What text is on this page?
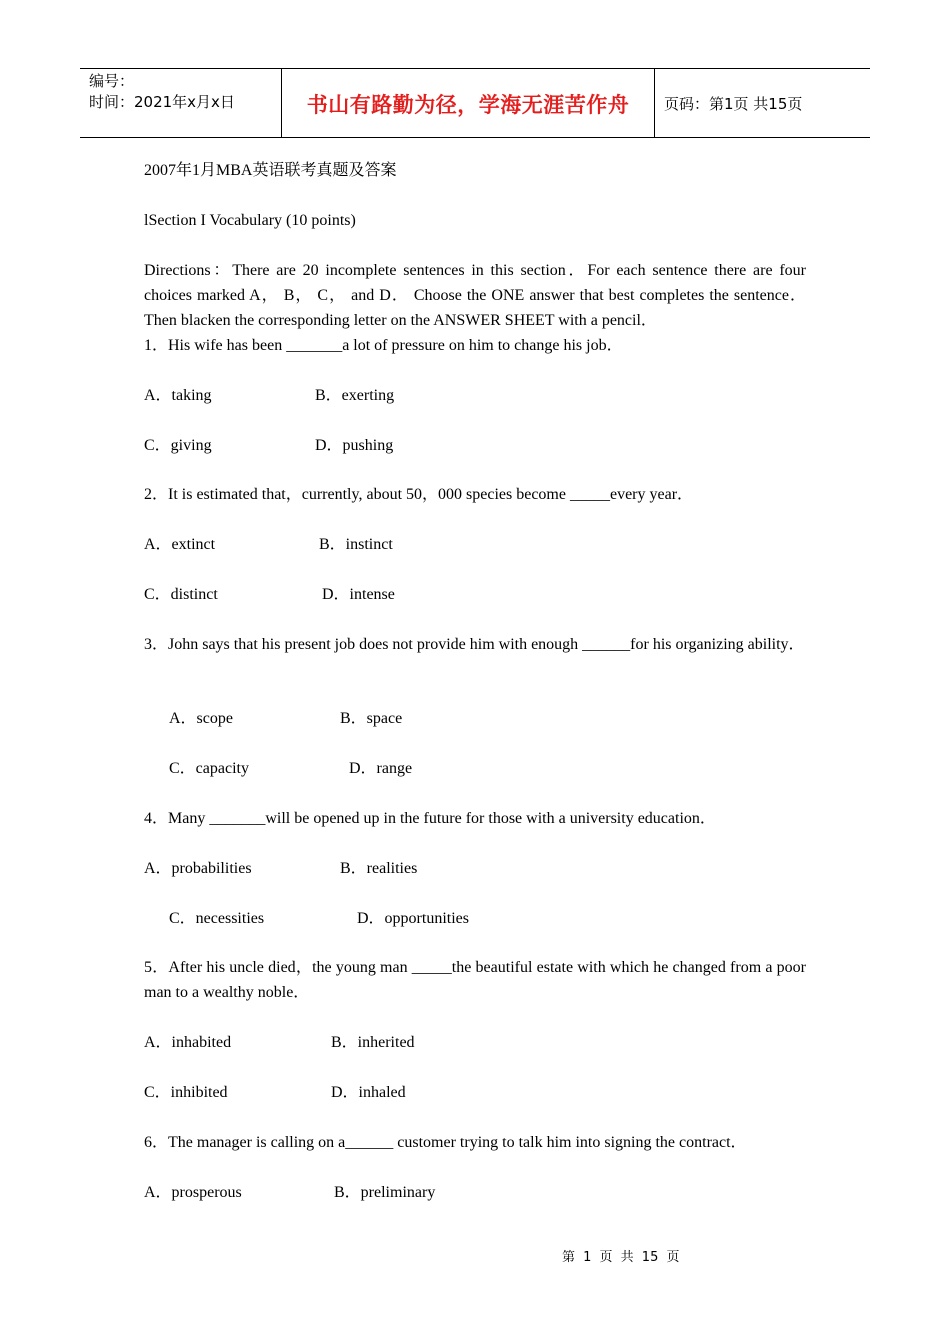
编号：
时间：2021年x月x日	书山有路勤为径，学海无涯苦作舟	页码：第1页 共15页
2007年1月MBA英语联考真题及答案
lSection I Vocabulary (10 points)
Directions：There are 20 incomplete sentences in this section．For each sentence there are four choices marked A， B， C， and D． Choose the ONE answer that best completes the sentence．Then blacken the corresponding letter on the ANSWER SHEET with a pencil．
1．His wife has been _______a lot of pressure on him to change his job．
A．taking	B．exerting
C．giving	D．pushing
2．It is estimated that，currently, about 50，000 species become _____every year．
A．extinct	B．instinct
C．distinct	D．intense
3．John says that his present job does not provide him with enough ______for his organizing ability．
A．scope	B．space
C．capacity	D．range
4．Many _______will be opened up in the future for those with a university education．
A．probabilities	B．realities
C．necessities	D．opportunities
5．After his uncle died，the young man _____the beautiful estate with which he changed from a poor man to a wealthy noble．
A．inhabited	B．inherited
C．inhibited	D．inhaled
6．The manager is calling on a______ customer trying to talk him into signing the contract．
A．prosperous	B．preliminary
第 1 页 共 15 页
